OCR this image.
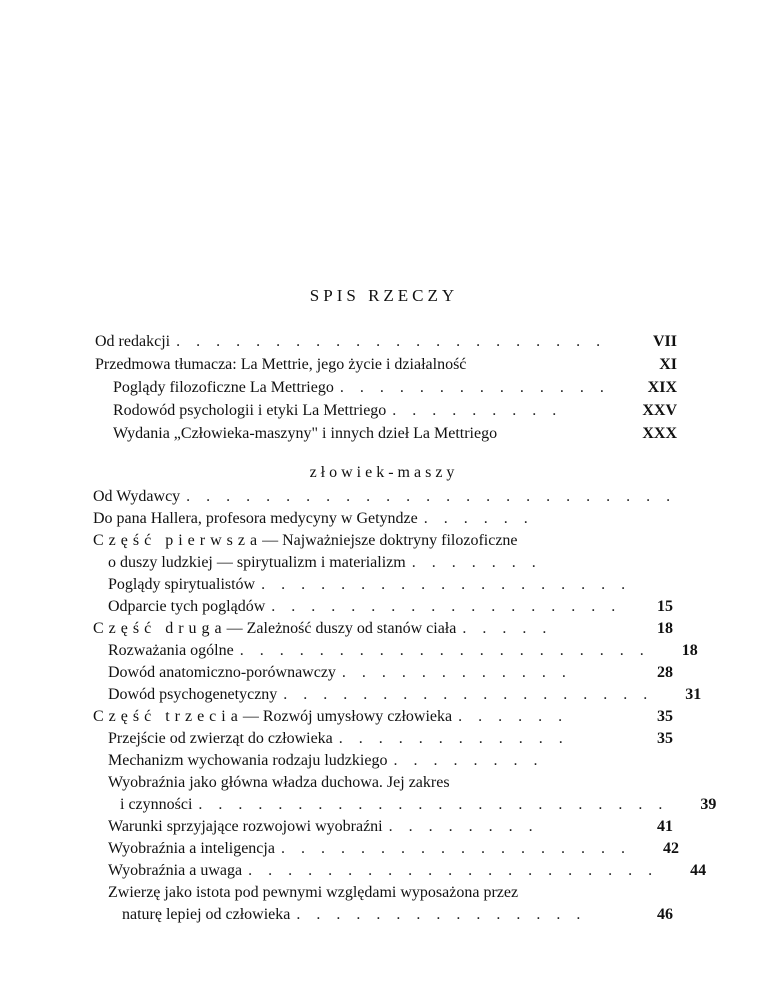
SPIS RZECZY
Od redakcji . . . . . . . . . . . . . . . . . . . . . .	VII
Przedmowa tłumacza: La Mettrie, jego życie i działalność	XI
Poglądy filozoficzne La Mettriego . . . . . . . . . . . . . .	XIX
Rodowód psychologii i etyki La Mettriego . . . . . . . . .	XXV
Wydania „Człowieka-maszyny" i innych dzieł La Mettriego	XXX
złowiek-maszy
Od Wydawcy . . . . . . . . . . . . . . . . . . . . . . . . .
Do pana Hallera, profesora medycyny w Getyndze . . . . . .
Część pierwsza — Najważniejsze doktryny filozoficzne
o duszy ludzkiej — spirytualizm i materializm . . . . . . .
Poglądy spirytualistów . . . . . . . . . . . . . . . . . . .
Odparcie tych poglądów . . . . . . . . . . . . . . . . . .	15
Część druga — Zależność duszy od stanów ciała . . . . .	18
Rozważania ogólne . . . . . . . . . . . . . . . . . . . . .	18
Dowód anatomiczno-porównawczy . . . . . . . . . . . .	28
Dowód psychogenetyczny . . . . . . . . . . . . . . . . . . .	31
Część trzecia — Rozwój umysłowy człowieka . . . . . .	35
Przejście od zwierząt do człowieka . . . . . . . . . . . .	35
Mechanizm wychowania rodzaju ludzkiego . . . . . . . .
Wyobraźnia jako główna władza duchowa. Jej zakres
i czynności . . . . . . . . . . . . . . . . . . . . . . . .	39
Warunki sprzyjające rozwojowi wyobraźni . . . . . . . .	41
Wyobraźnia a inteligencja . . . . . . . . . . . . . . . . . .	42
Wyobraźnia a uwaga . . . . . . . . . . . . . . . . . . . . .	44
Zwierzę jako istota pod pewnymi względami wyposażona przez
naturę lepiej od człowieka . . . . . . . . . . . . . . .	46
